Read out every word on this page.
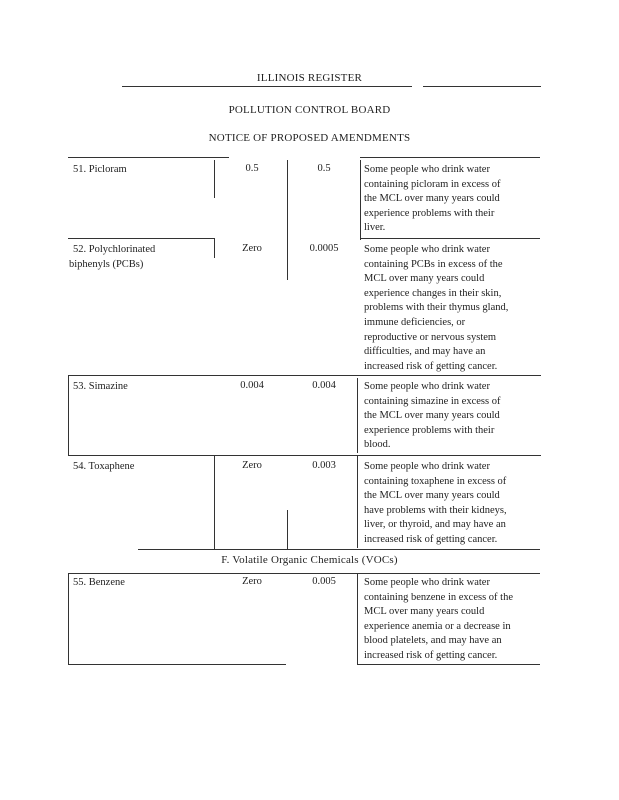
ILLINOIS REGISTER
POLLUTION CONTROL BOARD
NOTICE OF PROPOSED AMENDMENTS
F. Volatile Organic Chemicals (VOCs)
51. Picloram	0.5	0.5	Some people who drink water
containing picloram in excess of
the MCL over many years could
experience problems with their
liver.
52. Polychlorinated
biphenyls (PCBs)
Zero	0.0005	Some people who drink water
containing PCBs in excess of the
MCL over many years could
experience changes in their skin,
problems with their thymus gland,
immune deficiencies, or
reproductive or nervous system
difficulties, and may have an
increased risk of getting cancer.
53. Simazine	0.004	0.004	Some people who drink water
containing simazine in excess of
the MCL over many years could
experience problems with their
blood.
54. Toxaphene	Zero	0.003	Some people who drink water
containing toxaphene in excess of
the MCL over many years could
have problems with their kidneys,
liver, or thyroid, and may have an
increased risk of getting cancer.
55. Benzene	Zero	0.005	Some people who drink water
containing benzene in excess of the
MCL over many years could
experience anemia or a decrease in
blood platelets, and may have an
increased risk of getting cancer.
